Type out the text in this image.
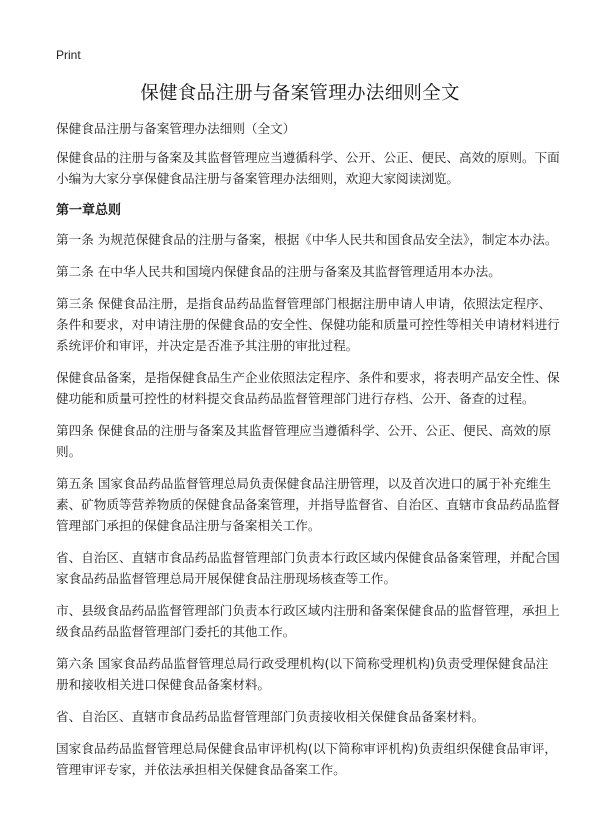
Print
保健食品注册与备案管理办法细则全文

保健食品注册与备案管理办法细则（全文）

保健食品的注册与备案及其监督管理应当遵循科学、公开、公正、便民、高效的原则。下面小编为大家分享保健食品注册与备案管理办法细则，欢迎大家阅读浏览。

第一章总则

第一条 为规范保健食品的注册与备案，根据《中华人民共和国食品安全法》，制定本办法。

第二条 在中华人民共和国境内保健食品的注册与备案及其监督管理适用本办法。

第三条 保健食品注册，是指食品药品监督管理部门根据注册申请人申请，依照法定程序、条件和要求，对申请注册的保健食品的安全性、保健功能和质量可控性等相关申请材料进行系统评价和审评，并决定是否准予其注册的审批过程。

保健食品备案，是指保健食品生产企业依照法定程序、条件和要求，将表明产品安全性、保健功能和质量可控性的材料提交食品药品监督管理部门进行存档、公开、备查的过程。

第四条 保健食品的注册与备案及其监督管理应当遵循科学、公开、公正、便民、高效的原则。

第五条 国家食品药品监督管理总局负责保健食品注册管理，以及首次进口的属于补充维生素、矿物质等营养物质的保健食品备案管理，并指导监督省、自治区、直辖市食品药品监督管理部门承担的保健食品注册与备案相关工作。

省、自治区、直辖市食品药品监督管理部门负责本行政区域内保健食品备案管理，并配合国家食品药品监督管理总局开展保健食品注册现场核查等工作。

市、县级食品药品监督管理部门负责本行政区域内注册和备案保健食品的监督管理，承担上级食品药品监督管理部门委托的其他工作。

第六条 国家食品药品监督管理总局行政受理机构(以下简称受理机构)负责受理保健食品注册和接收相关进口保健食品备案材料。

省、自治区、直辖市食品药品监督管理部门负责接收相关保健食品备案材料。

国家食品药品监督管理总局保健食品审评机构(以下简称审评机构)负责组织保健食品审评，管理审评专家，并依法承担相关保健食品备案工作。
